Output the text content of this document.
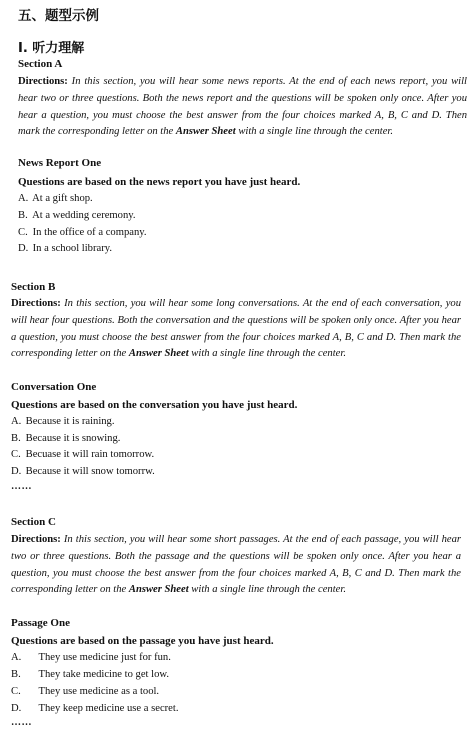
五、题型示例
I. 听力理解
Section A
Directions: In this section, you will hear some news reports. At the end of each news report, you will hear two or three questions. Both the news report and the questions will be spoken only once. After you hear a question, you must choose the best answer from the four choices marked A, B, C and D. Then mark the corresponding letter on the Answer Sheet with a single line through the center.
News Report One
Questions are based on the news report you have just heard.
A. At a gift shop.
B. At a wedding ceremony.
C. In the office of a company.
D. In a school library.
Section B
Directions: In this section, you will hear some long conversations. At the end of each conversation, you will hear four questions. Both the conversation and the questions will be spoken only once. After you hear a question, you must choose the best answer from the four choices marked A, B, C and D. Then mark the corresponding letter on the Answer Sheet with a single line through the center.
Conversation One
Questions are based on the conversation you have just heard.
A. Because it is raining.
B. Because it is snowing.
C. Becuase it will rain tomorrow.
D. Because it will snow tomorrw.
……
Section C
Directions: In this section, you will hear some short passages. At the end of each passage, you will hear two or three questions. Both the passage and the questions will be spoken only once. After you hear a question, you must choose the best answer from the four choices marked A, B, C and D. Then mark the corresponding letter on the Answer Sheet with a single line through the center.
Passage One
Questions are based on the passage you have just heard.
A. They use medicine just for fun.
B. They take medicine to get low.
C. They use medicine as a tool.
D. They keep medicine use a secret.
……
